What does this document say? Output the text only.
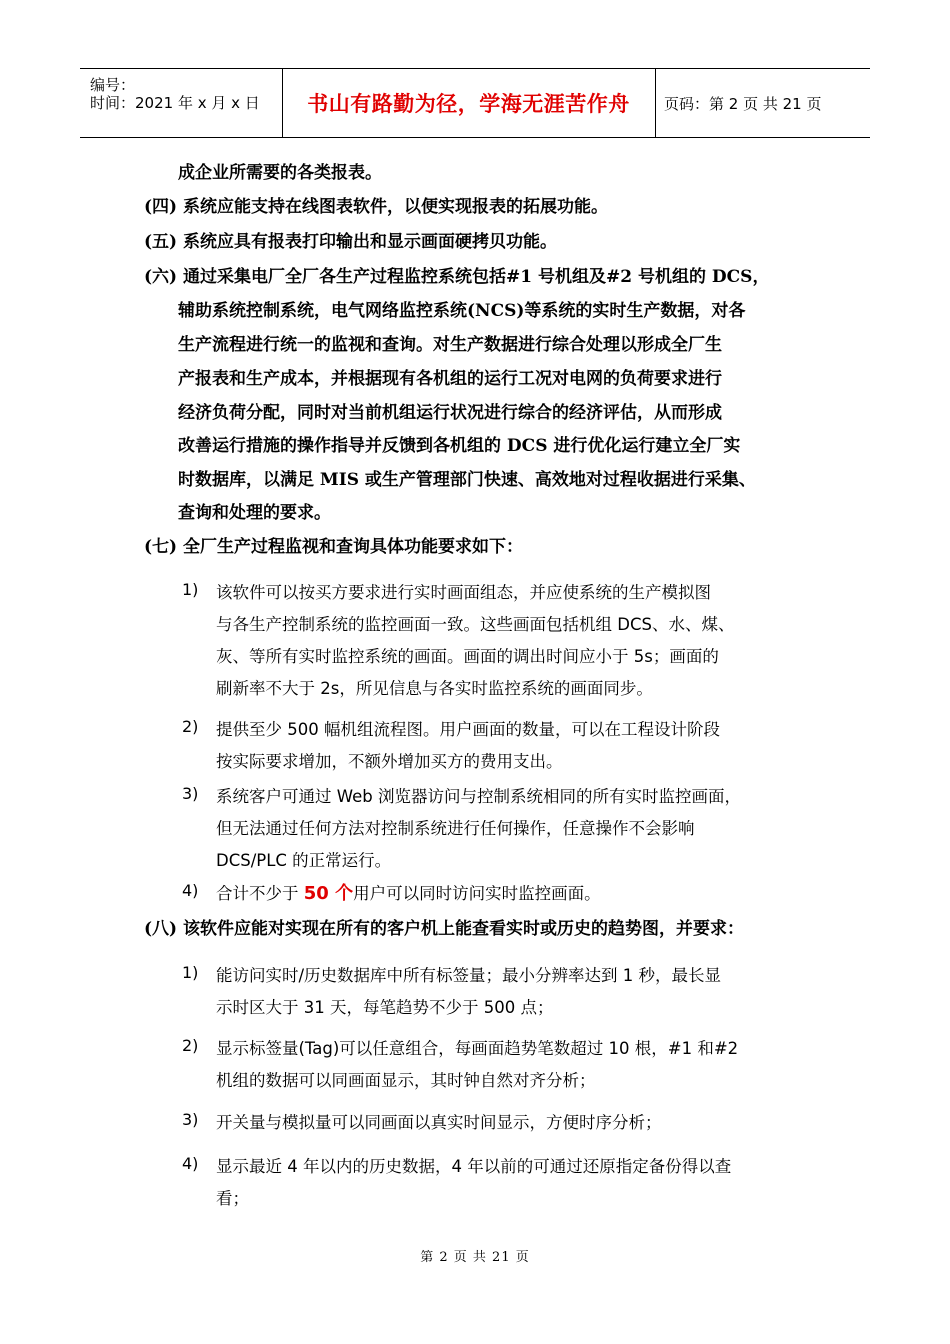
编号：
时间：2021 年 x 月 x 日	书山有路勤为径，学海无涯苦作舟	页码：第 2 页 共 21 页
成企业所需要的各类报表。
(四) 系统应能支持在线图表软件，以便实现报表的拓展功能。
(五) 系统应具有报表打印输出和显示画面硬拷贝功能。
(六) 通过采集电厂全厂各生产过程监控系统包括#1 号机组及#2 号机组的 DCS，
辅助系统控制系统，电气网络监控系统(NCS)等系统的实时生产数据，对各
生产流程进行统一的监视和查询。对生产数据进行综合处理以形成全厂生
产报表和生产成本，并根据现有各机组的运行工况对电网的负荷要求进行
经济负荷分配，同时对当前机组运行状况进行综合的经济评估，从而形成
改善运行措施的操作指导并反馈到各机组的 DCS 进行优化运行建立全厂实
时数据库，以满足 MIS 或生产管理部门快速、高效地对过程收据进行采集、
查询和处理的要求。
(七) 全厂生产过程监视和查询具体功能要求如下：
1) 该软件可以按买方要求进行实时画面组态，并应使系统的生产模拟图
与各生产控制系统的监控画面一致。这些画面包括机组 DCS、水、煤、
灰、等所有实时监控系统的画面。画面的调出时间应小于 5s；画面的
刷新率不大于 2s，所见信息与各实时监控系统的画面同步。
2) 提供至少 500 幅机组流程图。用户画面的数量，可以在工程设计阶段
按实际要求增加，不额外增加买方的费用支出。
3) 系统客户可通过 Web 浏览器访问与控制系统相同的所有实时监控画面，
但无法通过任何方法对控制系统进行任何操作，任意操作不会影响
DCS/PLC 的正常运行。
4) 合计不少于 50 个用户可以同时访问实时监控画面。
(八) 该软件应能对实现在所有的客户机上能查看实时或历史的趋势图，并要求：
1) 能访问实时/历史数据库中所有标签量；最小分辨率达到 1 秒，最长显
示时区大于 31 天，每笔趋势不少于 500 点；
2) 显示标签量(Tag)可以任意组合，每画面趋势笔数超过 10 根，#1 和#2
机组的数据可以同画面显示，其时钟自然对齐分析；
3) 开关量与模拟量可以同画面以真实时间显示，方便时序分析；
4) 显示最近 4 年以内的历史数据，4 年以前的可通过还原指定备份得以查
看；
第 2 页 共 21 页
